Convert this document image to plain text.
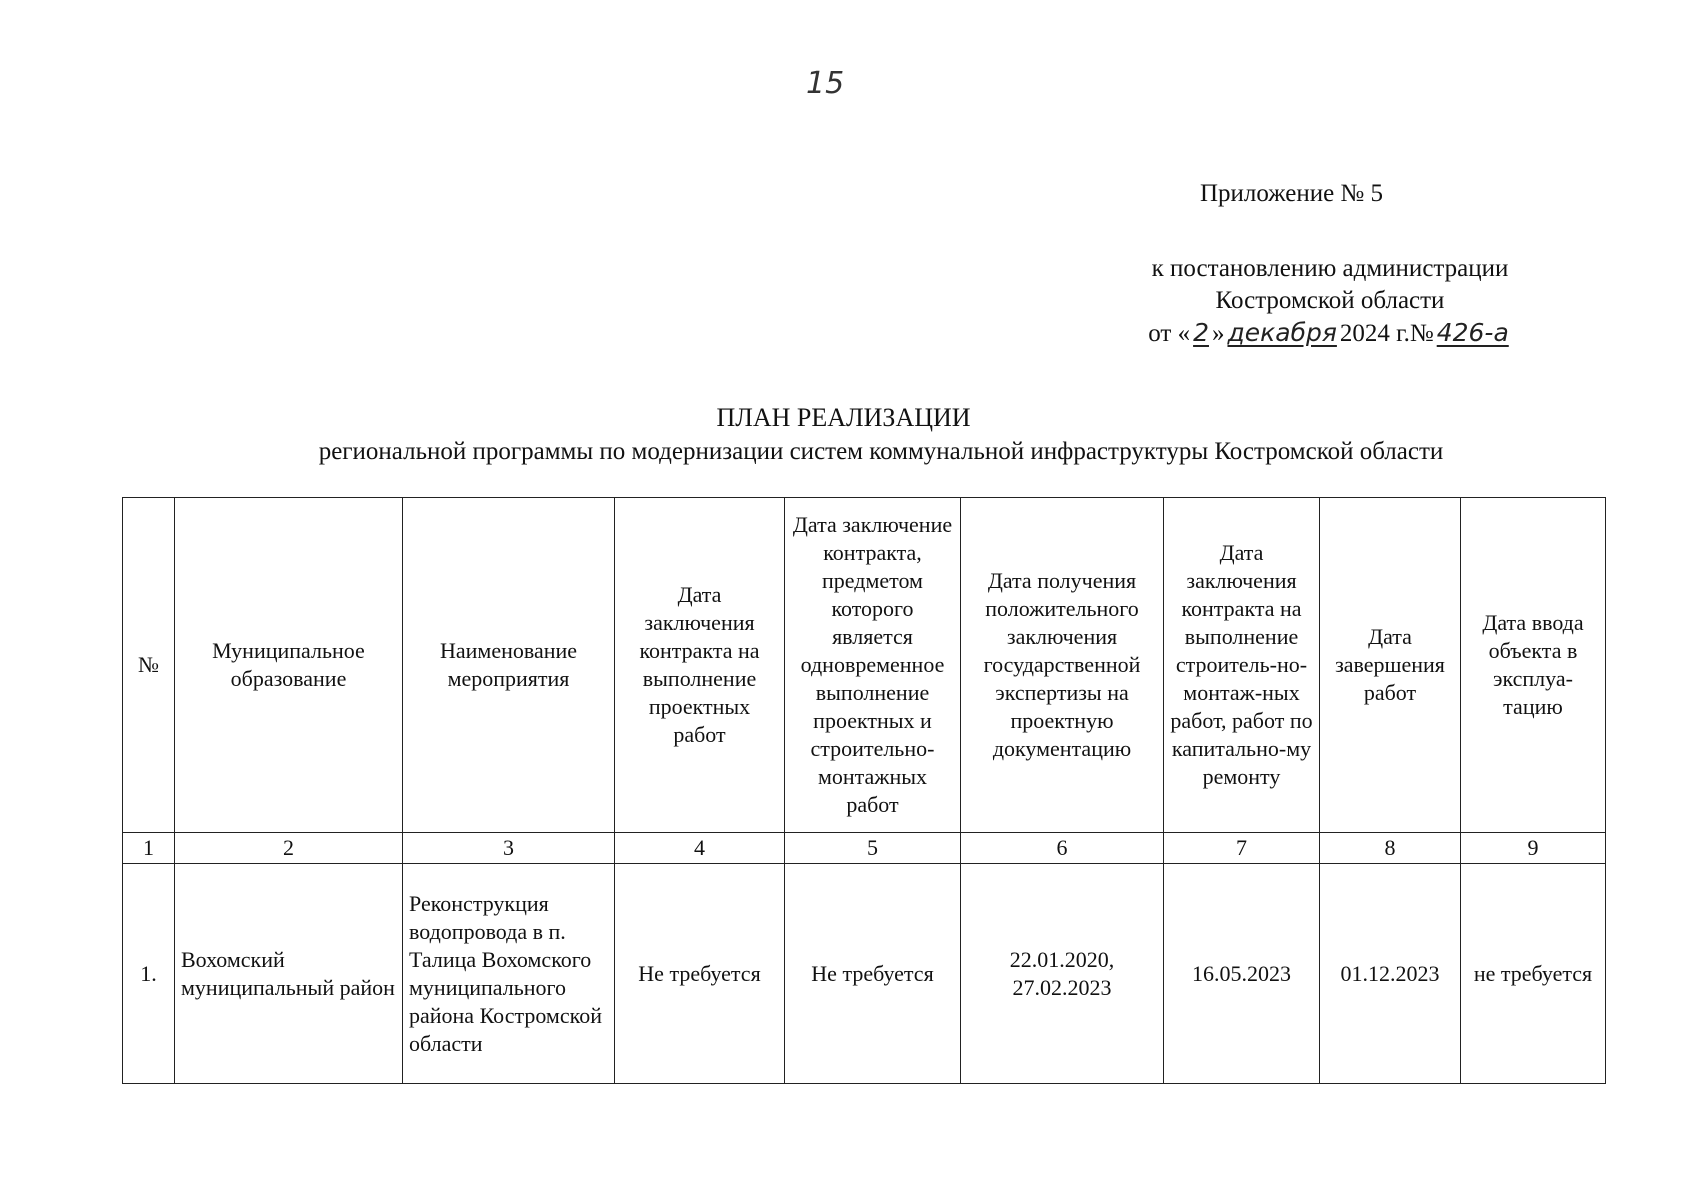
15
Приложение № 5
к постановлению администрации
Костромской области
от « 2 » декабря 2024 г.№ 426-а
ПЛАН РЕАЛИЗАЦИИ
региональной программы по модернизации систем коммунальной инфраструктуры Костромской области
№	Муниципальное образование	Наименование мероприятия	Дата заключения контракта на выполнение проектных работ	Дата заключение контракта, предметом которого является одновременное выполнение проектных и строительно-монтажных работ	Дата получения положительного заключения государственной экспертизы на проектную документацию	Дата заключения контракта на выполнение строитель-но-монтаж-ных работ, работ по капитально-му ремонту	Дата завершения работ	Дата ввода объекта в эксплуа-тацию
1	2	3	4	5	6	7	8	9
1.	Вохомский муниципальный район	Реконструкция водопровода в п. Талица Вохомского муниципального района Костромской области	Не требуется	Не требуется	22.01.2020, 27.02.2023	16.05.2023	01.12.2023	не требуется
